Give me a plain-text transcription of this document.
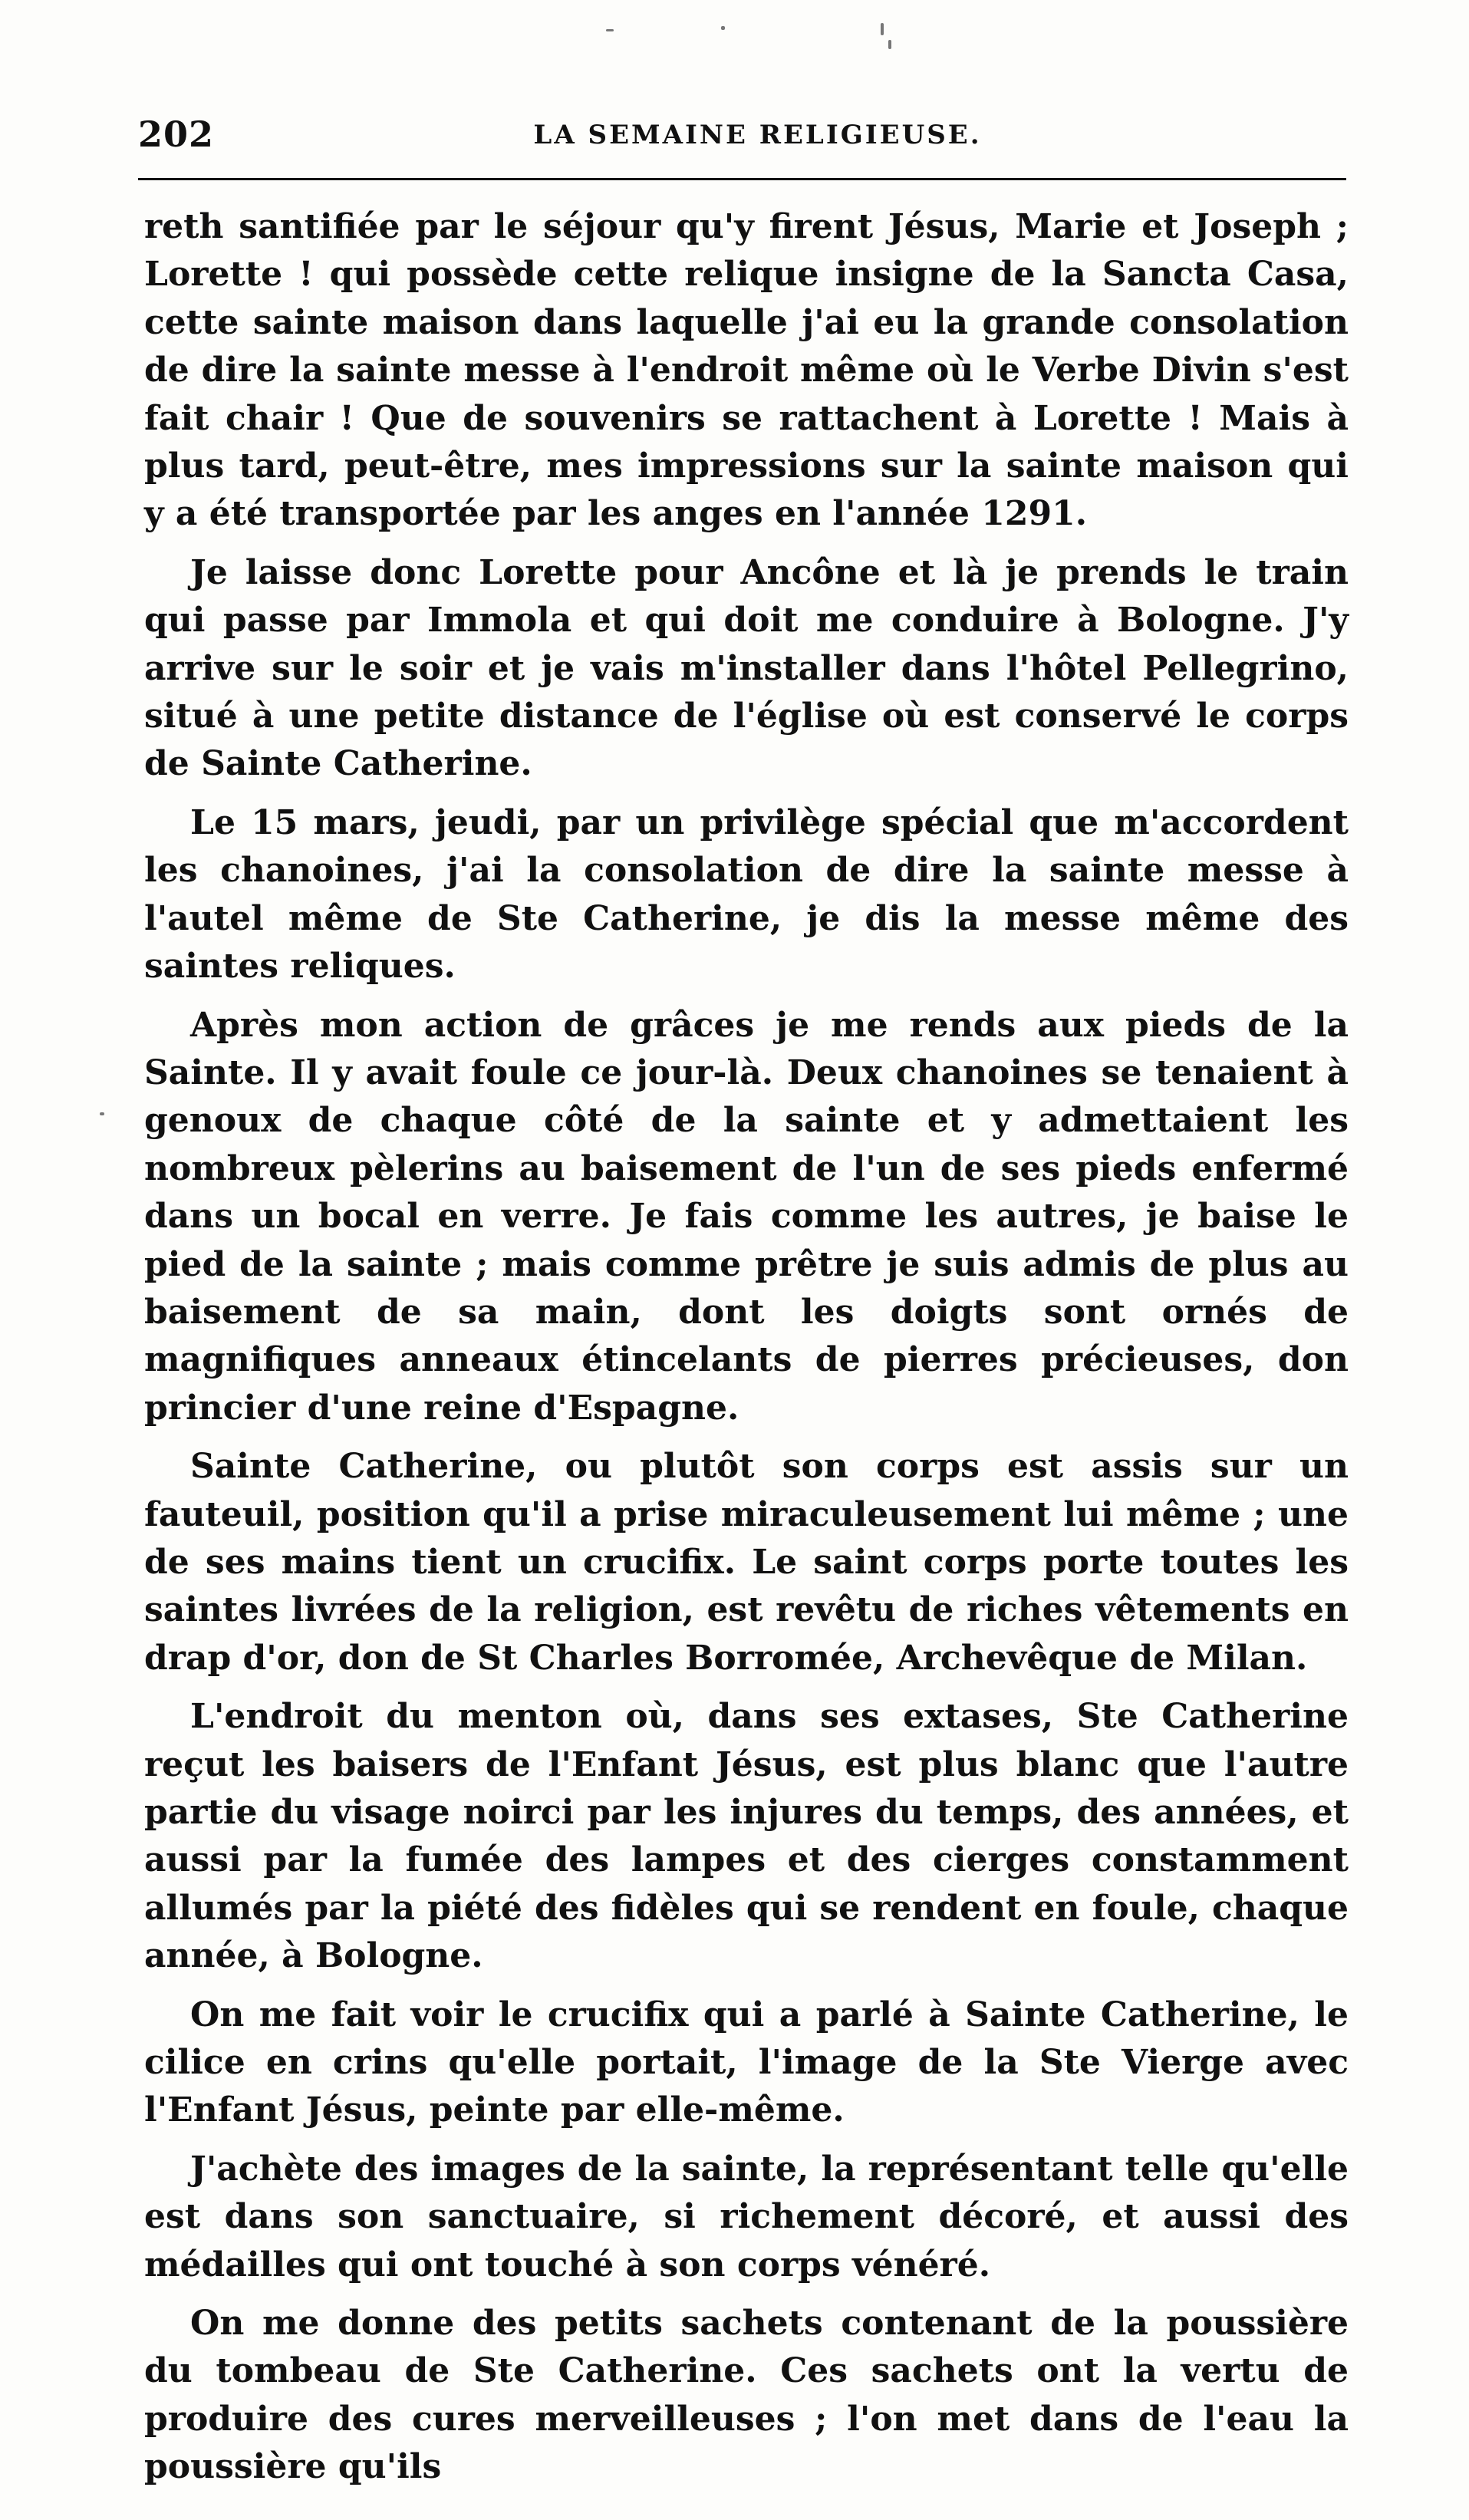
202	LA SEMAINE RELIGIEUSE.

reth santifiée par le séjour qu'y firent Jésus, Marie et Joseph ; Lorette ! qui possède cette relique insigne de la Sancta Casa, cette sainte maison dans laquelle j'ai eu la grande consolation de dire la sainte messe à l'endroit même où le Verbe Divin s'est fait chair ! Que de souvenirs se rattachent à Lorette ! Mais à plus tard, peut-être, mes impressions sur la sainte maison qui y a été transportée par les anges en l'année 1291.

Je laisse donc Lorette pour Ancône et là je prends le train qui passe par Immola et qui doit me conduire à Bologne. J'y arrive sur le soir et je vais m'installer dans l'hôtel Pellegrino, situé à une petite distance de l'église où est conservé le corps de Sainte Catherine.

Le 15 mars, jeudi, par un privilège spécial que m'accordent les chanoines, j'ai la consolation de dire la sainte messe à l'autel même de Ste Catherine, je dis la messe même des saintes reliques.

Après mon action de grâces je me rends aux pieds de la Sainte. Il y avait foule ce jour-là. Deux chanoines se tenaient à genoux de chaque côté de la sainte et y admettaient les nombreux pèlerins au baisement de l'un de ses pieds enfermé dans un bocal en verre. Je fais comme les autres, je baise le pied de la sainte ; mais comme prêtre je suis admis de plus au baisement de sa main, dont les doigts sont ornés de magnifiques anneaux étincelants de pierres précieuses, don princier d'une reine d'Espagne.

Sainte Catherine, ou plutôt son corps est assis sur un fauteuil, position qu'il a prise miraculeusement lui même ; une de ses mains tient un crucifix. Le saint corps porte toutes les saintes livrées de la religion, est revêtu de riches vêtements en drap d'or, don de St Charles Borromée, Archevêque de Milan.

L'endroit du menton où, dans ses extases, Ste Catherine reçut les baisers de l'Enfant Jésus, est plus blanc que l'autre partie du visage noirci par les injures du temps, des années, et aussi par la fumée des lampes et des cierges constamment allumés par la piété des fidèles qui se rendent en foule, chaque année, à Bologne.

On me fait voir le crucifix qui a parlé à Sainte Catherine, le cilice en crins qu'elle portait, l'image de la Ste Vierge avec l'Enfant Jésus, peinte par elle-même.

J'achète des images de la sainte, la représentant telle qu'elle est dans son sanctuaire, si richement décoré, et aussi des médailles qui ont touché à son corps vénéré.

On me donne des petits sachets contenant de la poussière du tombeau de Ste Catherine. Ces sachets ont la vertu de produire des cures merveilleuses ; l'on met dans de l'eau la poussière qu'ils
